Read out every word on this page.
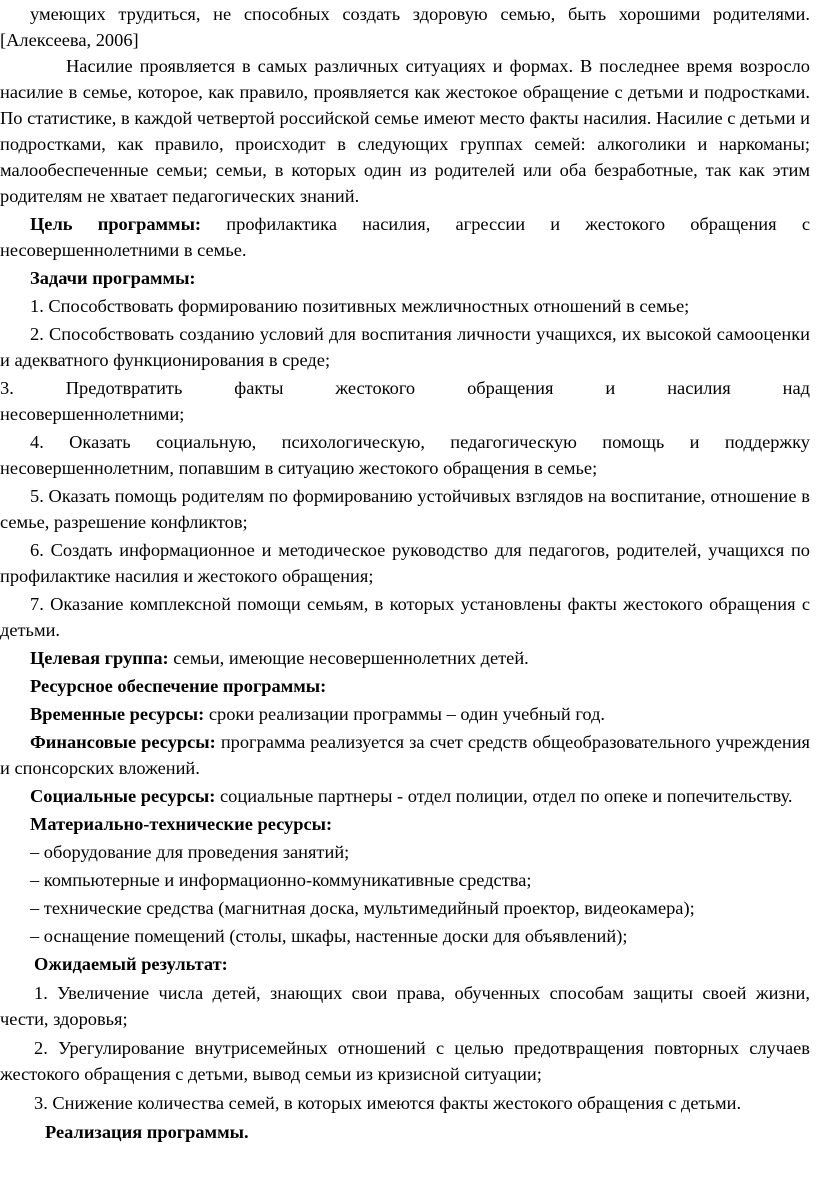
умеющих трудиться, не способных создать здоровую семью, быть хорошими родителями. [Алексеева, 2006]

Насилие проявляется в самых различных ситуациях и формах. В последнее время возросло насилие в семье, которое, как правило, проявляется как жестокое обращение с детьми и подростками. По статистике, в каждой четвертой российской семье имеют место факты насилия. Насилие с детьми и подростками, как правило, происходит в следующих группах семей: алкоголики и наркоманы; малообеспеченные семьи; семьи, в которых один из родителей или оба безработные, так как этим родителям не хватает педагогических знаний.

Цель программы: профилактика насилия, агрессии и жестокого обращения с несовершеннолетними в семье.

Задачи программы:

1. Способствовать формированию позитивных межличностных отношений в семье;

2. Способствовать созданию условий для воспитания личности учащихся, их высокой самооценки и адекватного функционирования в среде;

3. Предотвратить факты жестокого обращения и насилия над
несовершеннолетними;

4. Оказать социальную, психологическую, педагогическую помощь и поддержку несовершеннолетним, попавшим в ситуацию жестокого обращения в семье;

5. Оказать помощь родителям по формированию устойчивых взглядов на воспитание, отношение в семье, разрешение конфликтов;

6. Создать информационное и методическое руководство для педагогов, родителей, учащихся по профилактике насилия и жестокого обращения;

7. Оказание комплексной помощи семьям, в которых установлены факты жестокого обращения с детьми.

Целевая группа: семьи, имеющие несовершеннолетних детей.

Ресурсное обеспечение программы:

Временные ресурсы: сроки реализации программы – один учебный год.

Финансовые ресурсы: программа реализуется за счет средств общеобразовательного учреждения и спонсорских вложений.

Социальные ресурсы: социальные партнеры - отдел полиции, отдел по опеке и попечительству.

Материально-технические ресурсы:

– оборудование для проведения занятий;

– компьютерные и информационно-коммуникативные средства;

– технические средства (магнитная доска, мультимедийный проектор, видеокамера);

– оснащение помещений (столы, шкафы, настенные доски для объявлений);

Ожидаемый результат:

1. Увеличение числа детей, знающих свои права, обученных способам защиты своей жизни, чести, здоровья;

2. Урегулирование внутрисемейных отношений с целью предотвращения повторных случаев жестокого обращения с детьми, вывод семьи из кризисной ситуации;

3. Снижение количества семей, в которых имеются факты жестокого обращения с детьми.

Реализация программы.
